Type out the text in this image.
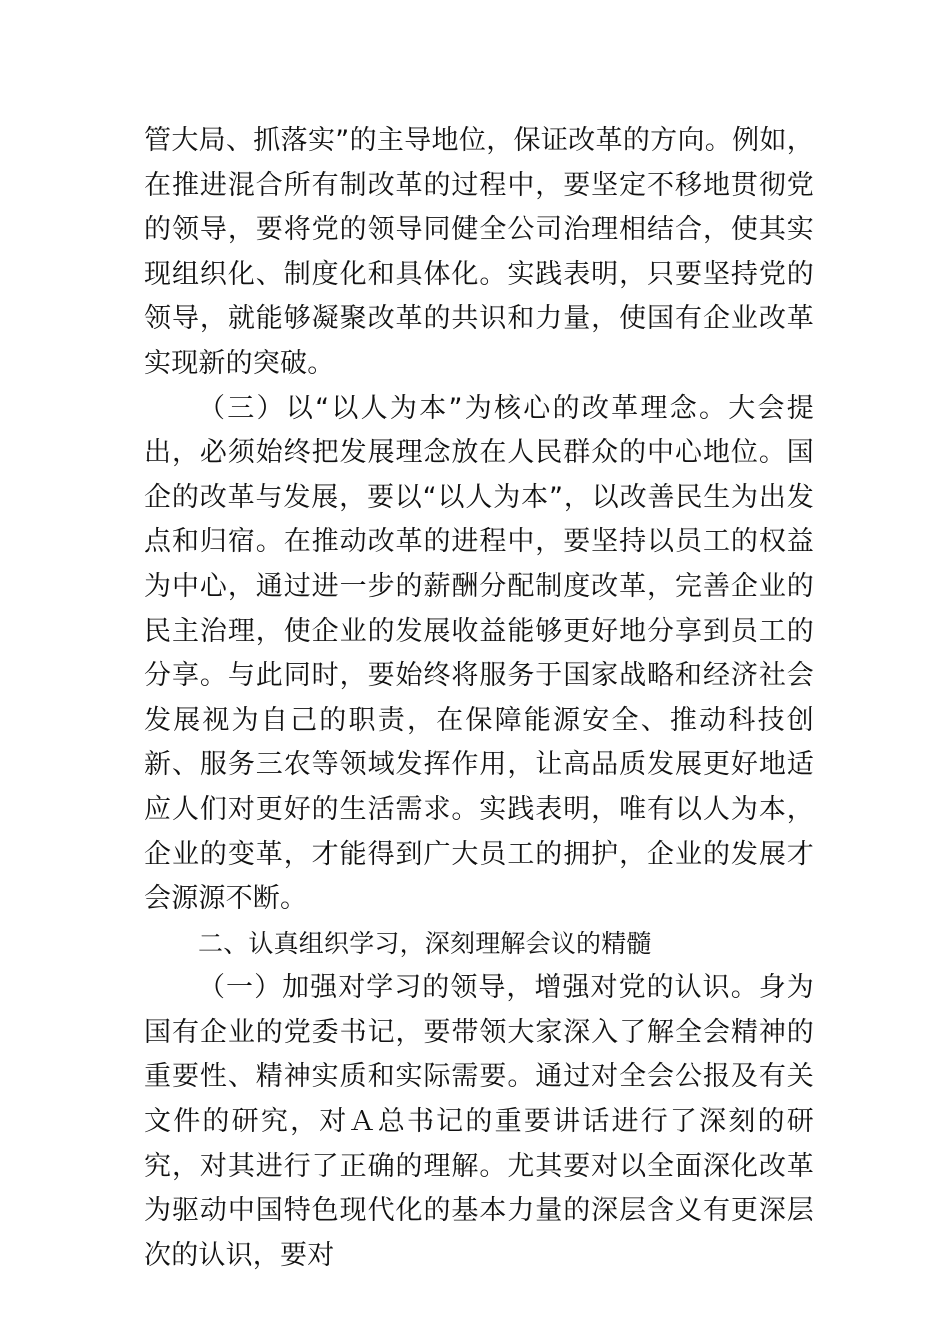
管大局、抓落实”的主导地位，保证改革的方向。例如，在推进混合所有制改革的过程中，要坚定不移地贯彻党的领导，要将党的领导同健全公司治理相结合，使其实现组织化、制度化和具体化。实践表明，只要坚持党的领导，就能够凝聚改革的共识和力量，使国有企业改革实现新的突破。

（三）以“以人为本”为核心的改革理念。大会提出，必须始终把发展理念放在人民群众的中心地位。国企的改革与发展，要以“以人为本”，以改善民生为出发点和归宿。在推动改革的进程中，要坚持以员工的权益为中心，通过进一步的薪酬分配制度改革，完善企业的民主治理，使企业的发展收益能够更好地分享到员工的分享。与此同时，要始终将服务于国家战略和经济社会发展视为自己的职责，在保障能源安全、推动科技创新、服务三农等领域发挥作用，让高品质发展更好地适应人们对更好的生活需求。实践表明，唯有以人为本，企业的变革，才能得到广大员工的拥护，企业的发展才会源源不断。

二、认真组织学习，深刻理解会议的精髓

（一）加强对学习的领导，增强对党的认识。身为国有企业的党委书记，要带领大家深入了解全会精神的重要性、精神实质和实际需要。通过对全会公报及有关文件的研究，对Ａ总书记的重要讲话进行了深刻的研究，对其进行了正确的理解。尤其要对以全面深化改革为驱动中国特色现代化的基本力量的深层含义有更深层次的认识，要对
